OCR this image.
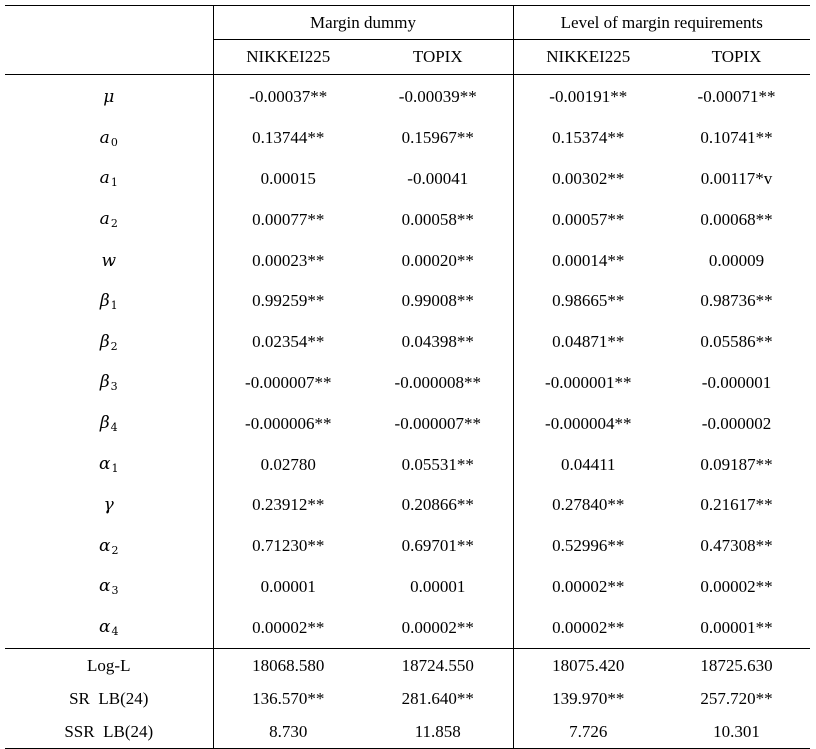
	Margin dummy		Level of margin requirements	
	NIKKEI225	TOPIX	NIKKEI225	TOPIX
μ	-0.00037**	-0.00039**	-0.00191**	-0.00071**
$a_0$	0.13744**	0.15967**	0.15374**	0.10741**
$a_1$	0.00015	-0.00041	0.00302**	0.00117*v
$a_2$	0.00077**	0.00058**	0.00057**	0.00068**
w	0.00023**	0.00020**	0.00014**	0.00009
$\beta_1$	0.99259**	0.99008**	0.98665**	0.98736**
$\beta_2$	0.02354**	0.04398**	0.04871**	0.05586**
$\beta_3$	-0.000007**	-0.000008**	-0.000001**	-0.000001
$\beta_4$	-0.000006**	-0.000007**	-0.000004**	-0.000002
$\alpha_1$	0.02780	0.05531**	0.04411	0.09187**
γ	0.23912**	0.20866**	0.27840**	0.21617**
$\alpha_2$	0.71230**	0.69701**	0.52996**	0.47308**
$\alpha_3$	0.00001	0.00001	0.00002**	0.00002**
$\alpha_4$	0.00002**	0.00002**	0.00002**	0.00001**
Log-L	18068.580	18724.550	18075.420	18725.630
SR  LB(24)	136.570**	281.640**	139.970**	257.720**
SSR  LB(24)	8.730	11.858	7.726	10.301
